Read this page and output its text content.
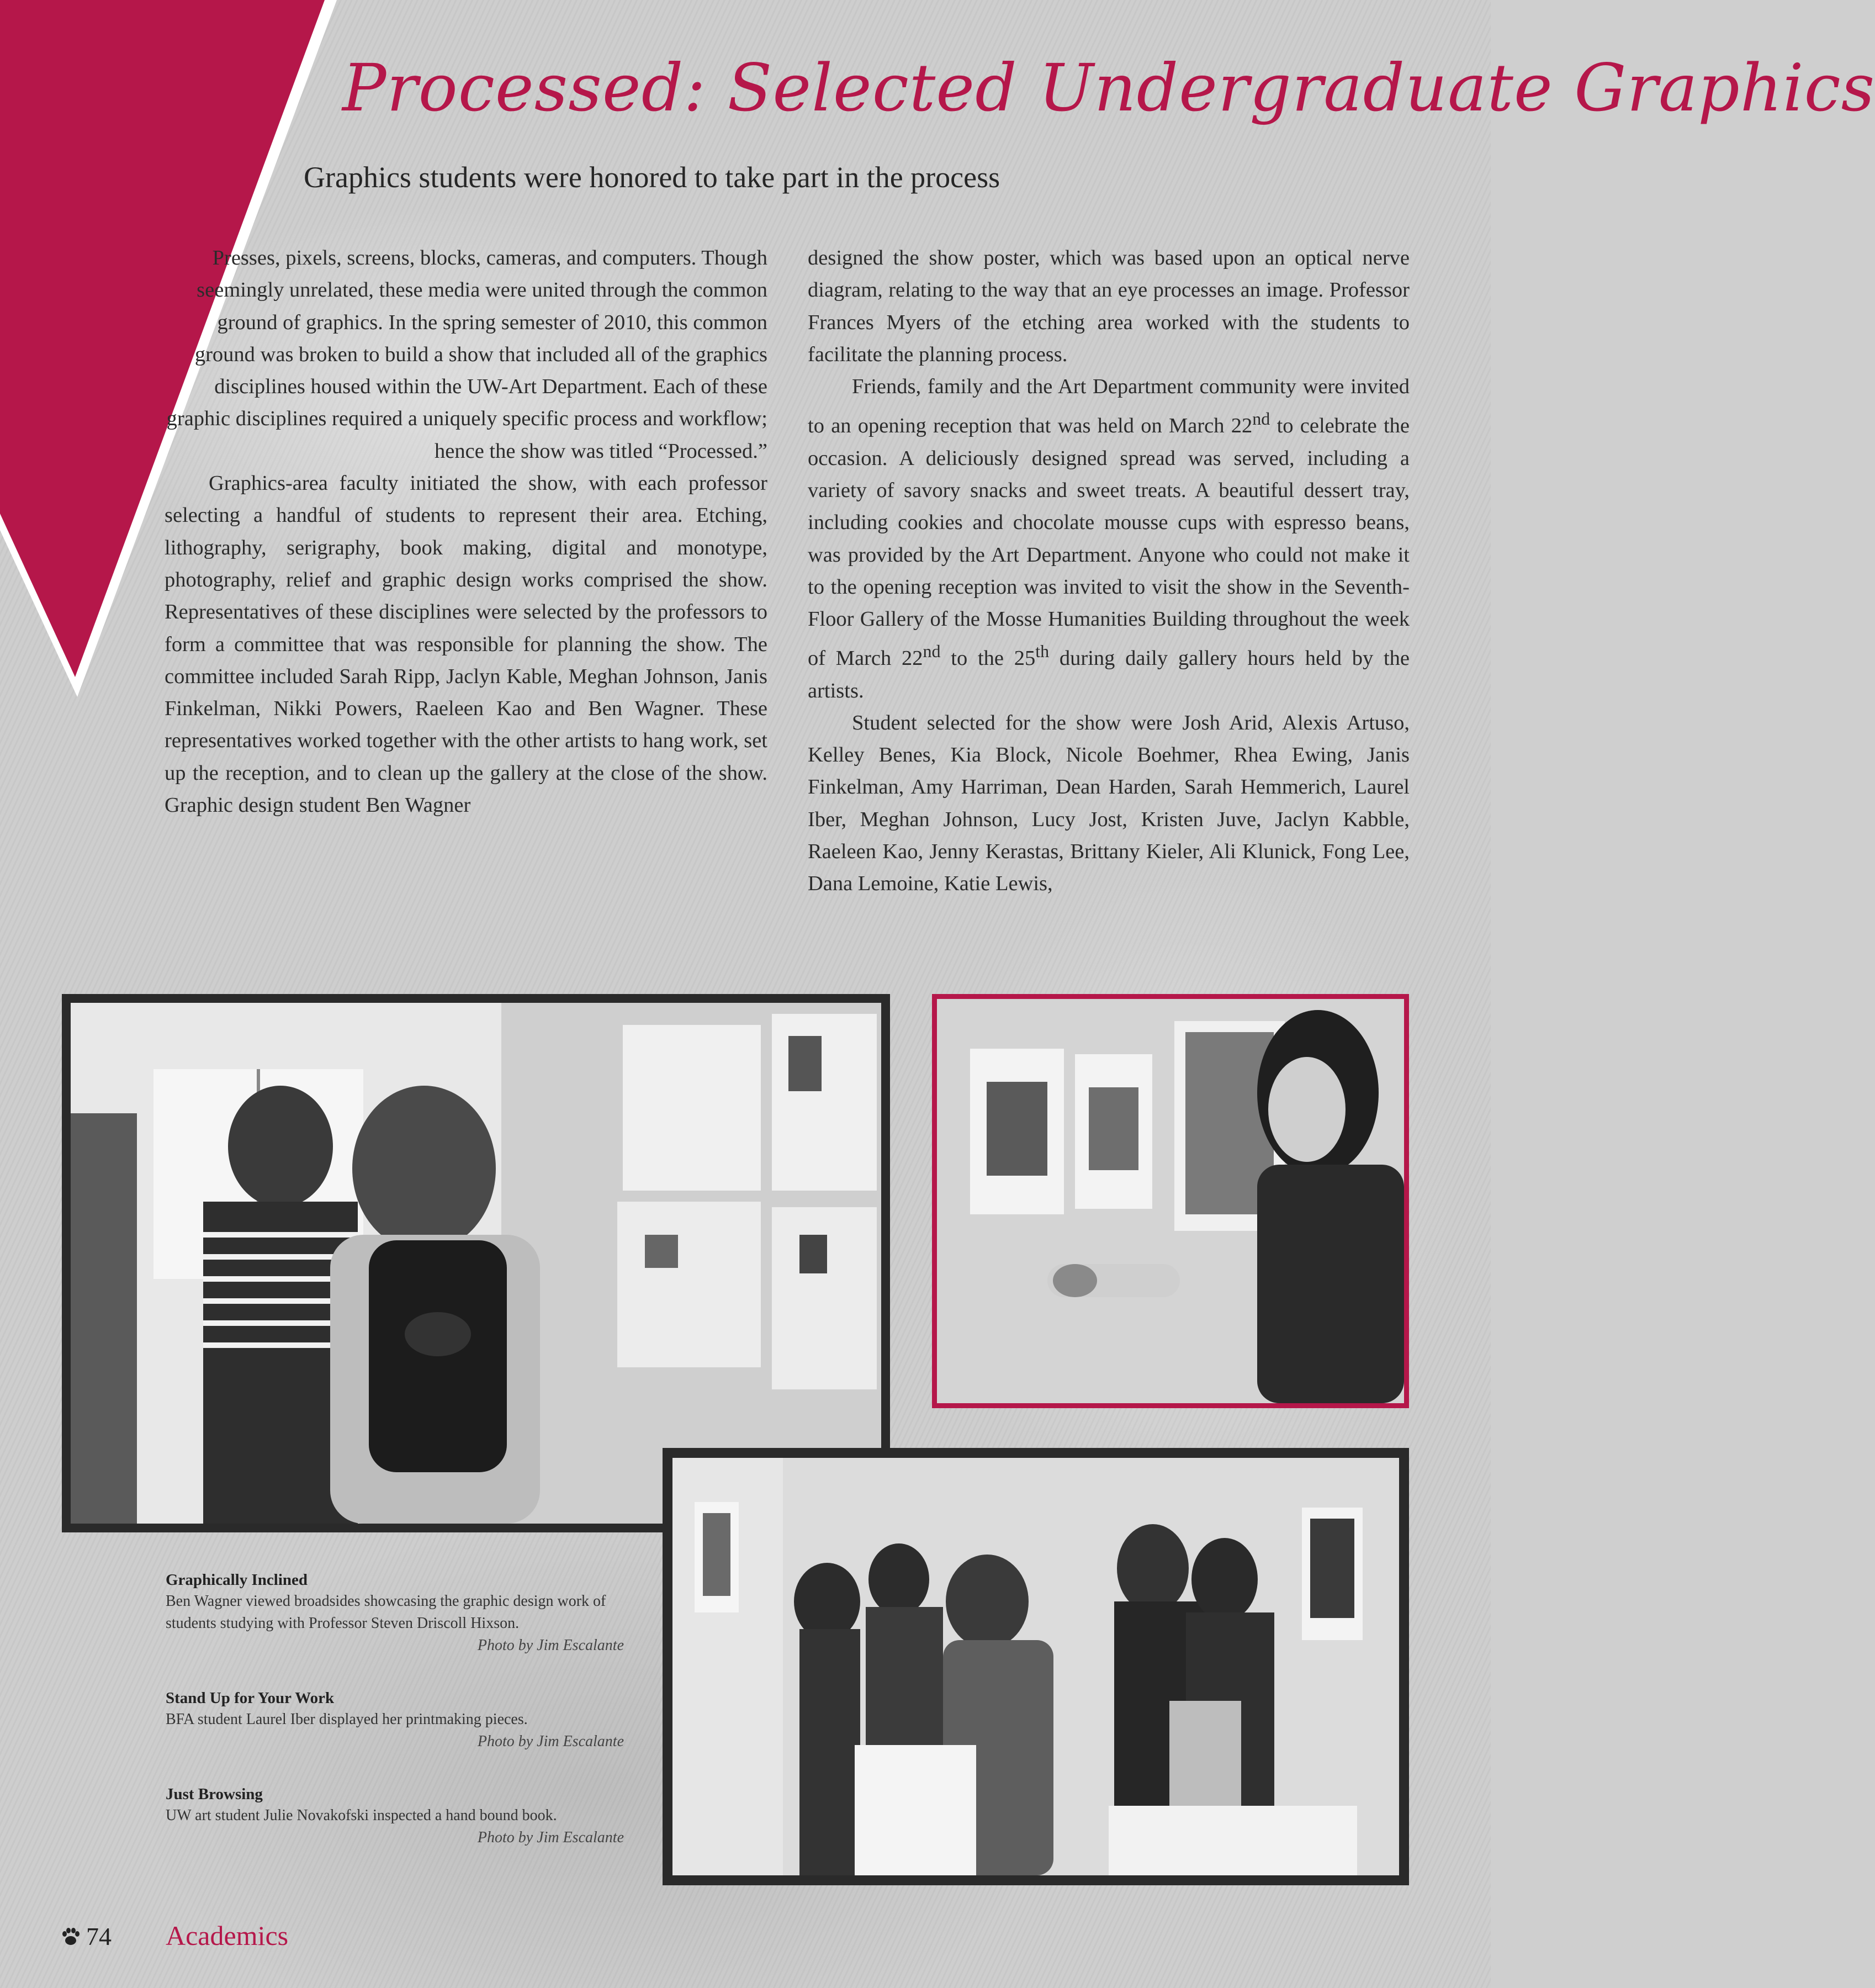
Processed: Selected Undergraduate Graphics
Graphics students were honored to take part in the process

Presses, pixels, screens, blocks, cameras, and computers. Though seemingly unrelated, these media were united through the common ground of graphics. In the spring semester of 2010, this common ground was broken to build a show that included all of the graphics disciplines housed within the UW-Art Department. Each of these graphic disciplines required a uniquely specific process and workflow; hence the show was titled “Processed.”

Graphics-area faculty initiated the show, with each professor selecting a handful of students to represent their area. Etching, lithography, serigraphy, book making, digital and monotype, photography, relief and graphic design works comprised the show. Representatives of these disciplines were selected by the professors to form a committee that was responsible for planning the show. The committee included Sarah Ripp, Jaclyn Kable, Meghan Johnson, Janis Finkelman, Nikki Powers, Raeleen Kao and Ben Wagner. These representatives worked together with the other artists to hang work, set up the reception, and to clean up the gallery at the close of the show. Graphic design student Ben Wagner

designed the show poster, which was based upon an optical nerve diagram, relating to the way that an eye processes an image. Professor Frances Myers of the etching area worked with the students to facilitate the planning process.

Friends, family and the Art Department community were invited to an opening reception that was held on March 22nd to celebrate the occasion. A deliciously designed spread was served, including a variety of savory snacks and sweet treats. A beautiful dessert tray, including cookies and chocolate mousse cups with espresso beans, was provided by the Art Department. Anyone who could not make it to the opening reception was invited to visit the show in the Seventh-Floor Gallery of the Mosse Humanities Building throughout the week of March 22nd to the 25th during daily gallery hours held by the artists.

Student selected for the show were Josh Arid, Alexis Artuso, Kelley Benes, Kia Block, Nicole Boehmer, Rhea Ewing, Janis Finkelman, Amy Harriman, Dean Harden, Sarah Hemmerich, Laurel Iber, Meghan Johnson, Lucy Jost, Kristen Juve, Jaclyn Kabble, Raeleen Kao, Jenny Kerastas, Brittany Kieler, Ali Klunick, Fong Lee, Dana Lemoine, Katie Lewis,

Graphically Inclined
Ben Wagner viewed broadsides showcasing the graphic design work of students studying with Professor Steven Driscoll Hixson.
Photo by Jim Escalante
Stand Up for Your Work
BFA student Laurel Iber displayed her printmaking pieces.
Photo by Jim Escalante
Just Browsing
UW art student Julie Novakofski inspected a hand bound book.
Photo by Jim Escalante
74 Academics
